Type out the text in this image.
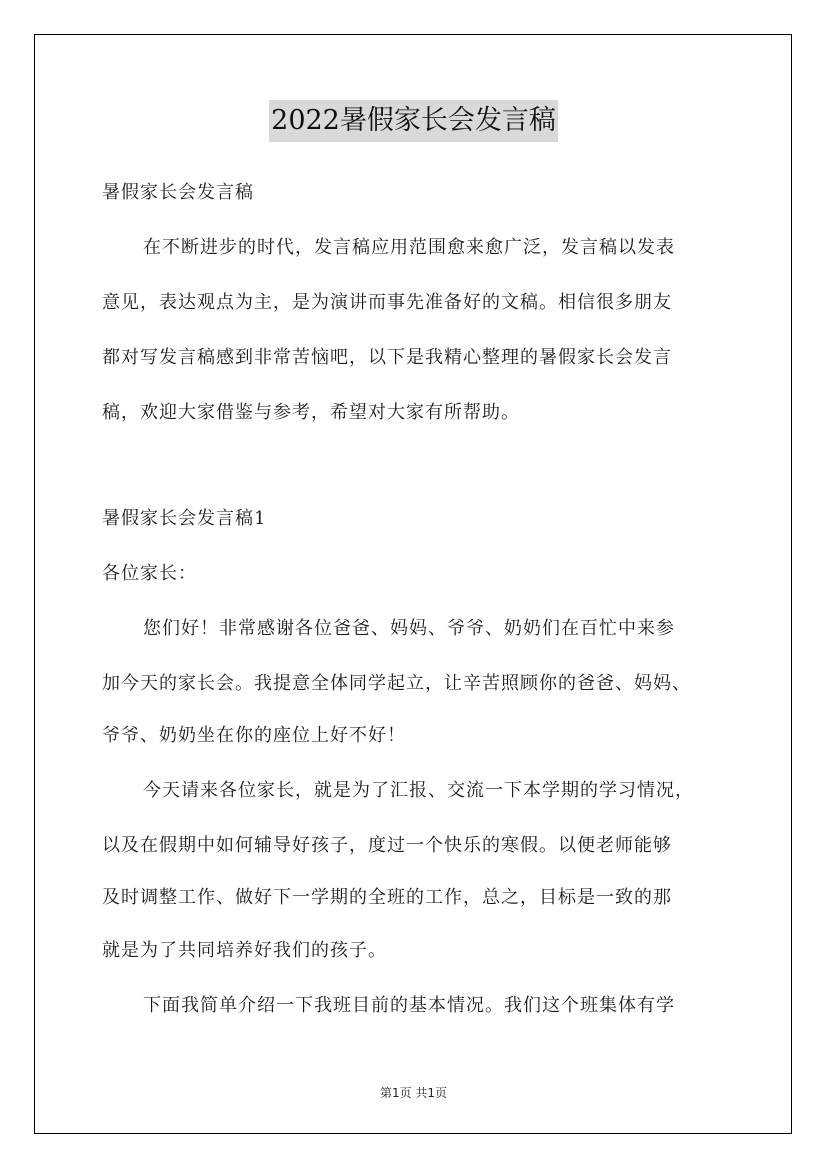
2022暑假家长会发言稿
暑假家长会发言稿
在不断进步的时代，发言稿应用范围愈来愈广泛，发言稿以发表
意见，表达观点为主，是为演讲而事先准备好的文稿。相信很多朋友
都对写发言稿感到非常苦恼吧，以下是我精心整理的暑假家长会发言
稿，欢迎大家借鉴与参考，希望对大家有所帮助。
暑假家长会发言稿1
各位家长：
您们好！非常感谢各位爸爸、妈妈、爷爷、奶奶们在百忙中来参
加今天的家长会。我提意全体同学起立，让辛苦照顾你的爸爸、妈妈、
爷爷、奶奶坐在你的座位上好不好！
今天请来各位家长，就是为了汇报、交流一下本学期的学习情况，
以及在假期中如何辅导好孩子，度过一个快乐的寒假。以便老师能够
及时调整工作、做好下一学期的全班的工作，总之，目标是一致的那
就是为了共同培养好我们的孩子。
下面我简单介绍一下我班目前的基本情况。我们这个班集体有学
第1页 共1页
